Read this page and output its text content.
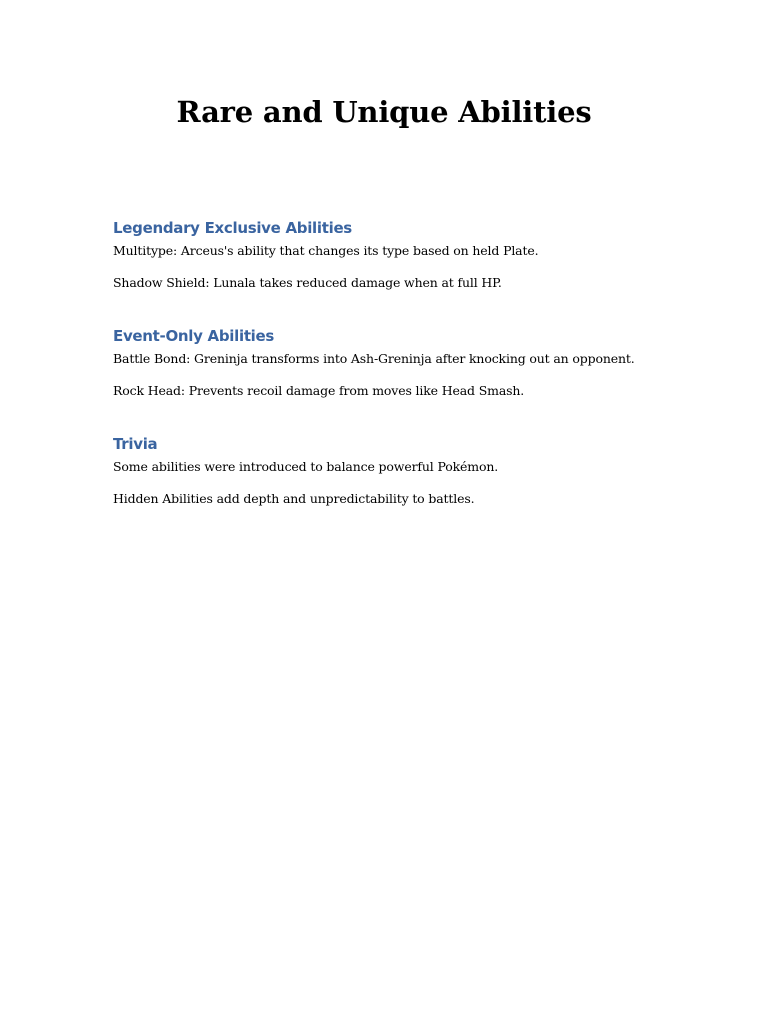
Rare and Unique Abilities
Legendary Exclusive Abilities

Multitype: Arceus's ability that changes its type based on held Plate.

Shadow Shield: Lunala takes reduced damage when at full HP.

Event-Only Abilities

Battle Bond: Greninja transforms into Ash-Greninja after knocking out an opponent.

Rock Head: Prevents recoil damage from moves like Head Smash.

Trivia

Some abilities were introduced to balance powerful Pokémon.

Hidden Abilities add depth and unpredictability to battles.
